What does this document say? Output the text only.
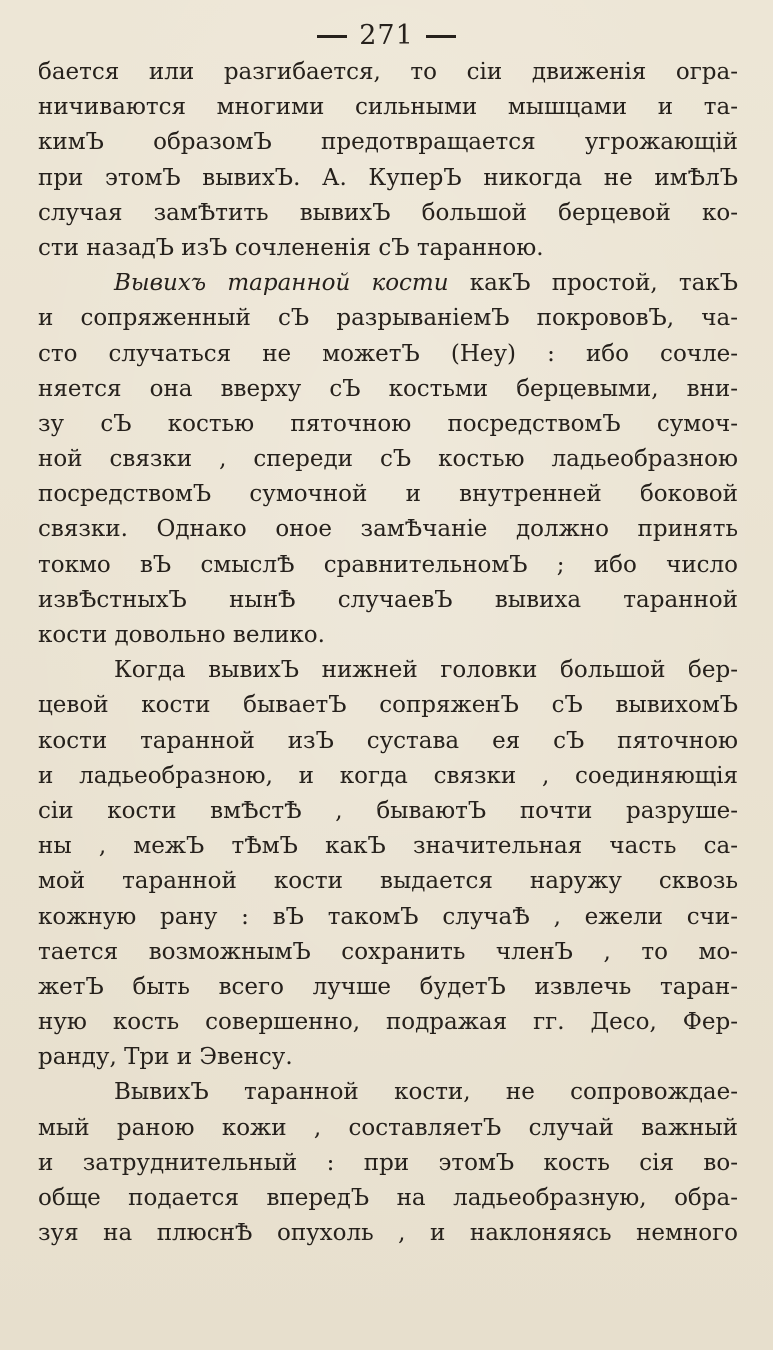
271
бается или разгибается, то сіи движенія огра-
ничиваются многими сильными мышцами и та-
кимЪ образомЪ предотвращается угрожающій
при этомЪ вывихЪ. А. КуперЪ никогда не имѢлЪ
случая замѢтить вывихЪ большой берцевой ко-
сти назадЪ изЪ сочлененія сЪ таранною.
Вывихъ таранной кости какЪ простой, такЪ
и сопряженный сЪ разрываніемЪ покрововЪ, ча-
сто случаться не можетЪ (Неу) : ибо сочле-
няется она вверху сЪ костьми берцевыми, вни-
зу сЪ костью пяточною посредствомЪ сумоч-
ной связки , спереди сЪ костью ладьеобразною
посредствомЪ сумочной и внутренней боковой
связки. Однако оное замѢчаніе должно принять
токмо вЪ смыслѢ сравнительномЪ ; ибо число
извѢстныхЪ нынѢ случаевЪ вывиха таранной
кости довольно велико.
Когда вывихЪ нижней головки большой бер-
цевой кости бываетЪ сопряженЪ сЪ вывихомЪ
кости таранной изЪ сустава ея сЪ пяточною
и ладьеобразною, и когда связки , соединяющія
сіи кости вмѢстѢ , бываютЪ почти разруше-
ны , межЪ тѢмЪ какЪ значительная часть са-
мой таранной кости выдается наружу сквозь
кожную рану : вЪ такомЪ случаѢ , ежели счи-
тается возможнымЪ сохранить членЪ , то мо-
жетЪ быть всего лучше будетЪ извлечь таран-
ную кость совершенно, подражая гг. Десо, Фер-
ранду, Три и Эвенсу.
ВывихЪ таранной кости, не сопровождае-
мый раною кожи , составляетЪ случай важный
и затруднительный : при этомЪ кость сія во-
обще подается впередЪ на ладьеобразную, обра-
зуя на плюснѢ опухоль , и наклоняясь немного
